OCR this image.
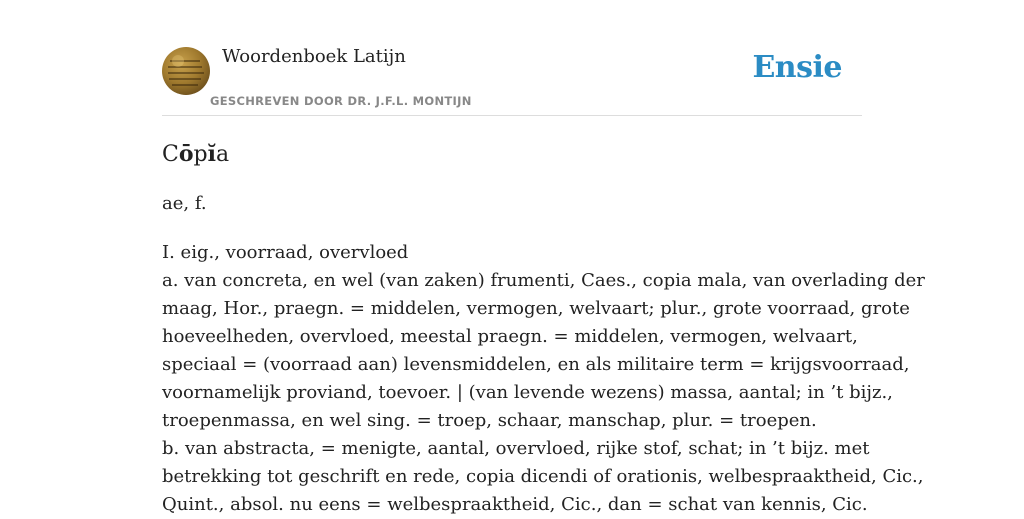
Woordenboek Latijn
GESCHREVEN DOOR DR. J.F.L. MONTIJN
Ensie
Cōpĭa

ae, f.

I. eig., voorraad, overvloed
a. van concreta, en wel (van zaken) frumenti, Caes., copia mala, van overlading der
maag, Hor., praegn. = middelen, vermogen, welvaart; plur., grote voorraad, grote
hoeveelheden, overvloed, meestal praegn. = middelen, vermogen, welvaart,
speciaal = (voorraad aan) levensmiddelen, en als militaire term = krijgsvoorraad,
voornamelijk proviand, toevoer. | (van levende wezens) massa, aantal; in ’t bijz.,
troepenmassa, en wel sing. = troep, schaar, manschap, plur. = troepen.
b. van abstracta, = menigte, aantal, overvloed, rijke stof, schat; in ’t bijz. met
betrekking tot geschrift en rede, copia dicendi of orationis, welbespraaktheid, Cic.,
Quint., absol. nu eens = welbespraaktheid, Cic., dan = schat van kennis, Cic.
